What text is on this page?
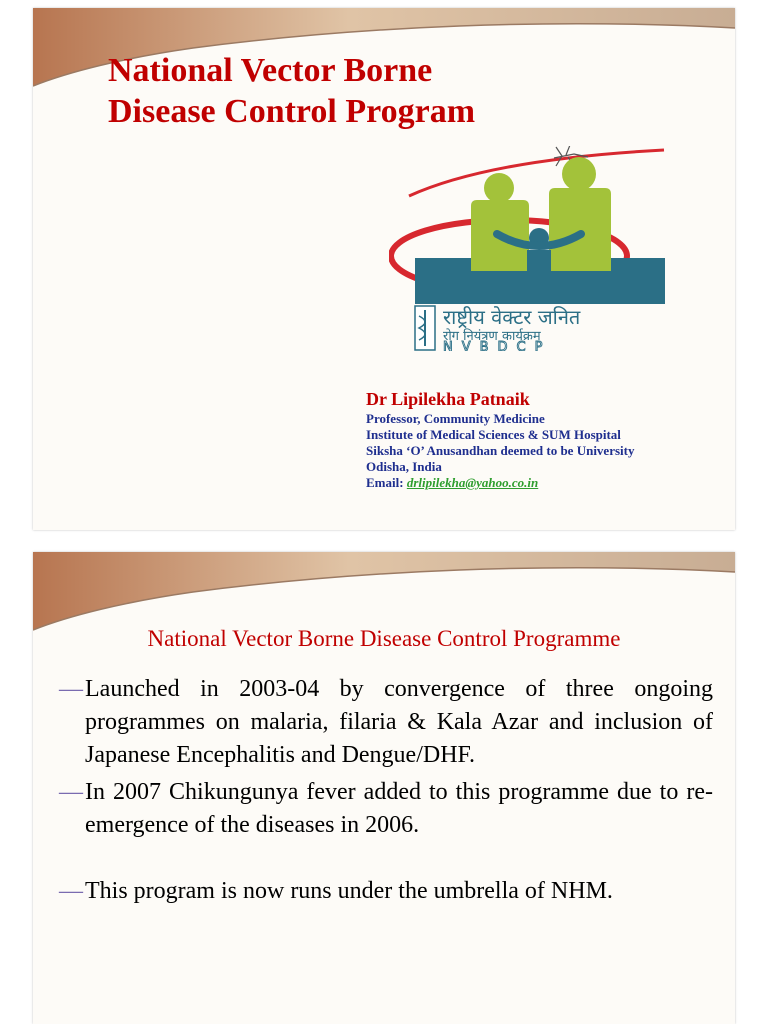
National Vector Borne
Disease Control Program
राष्ट्रीय वेक्टर जनित
रोग नियंत्रण कार्यक्रम
NVBDCP
Dr Lipilekha Patnaik
Professor, Community Medicine
Institute of Medical Sciences & SUM Hospital
Siksha ‘O’ Anusandhan deemed to be University
Odisha, India
Email: drlipilekha@yahoo.co.in
National Vector Borne Disease Control Programme
— Launched in 2003-04 by convergence of three ongoing programmes on malaria, filaria & Kala Azar and inclusion of Japanese Encephalitis and Dengue/DHF.
— In 2007 Chikungunya fever added to this programme due to re-emergence of the diseases in 2006.
— This program is now runs under the umbrella of NHM.
